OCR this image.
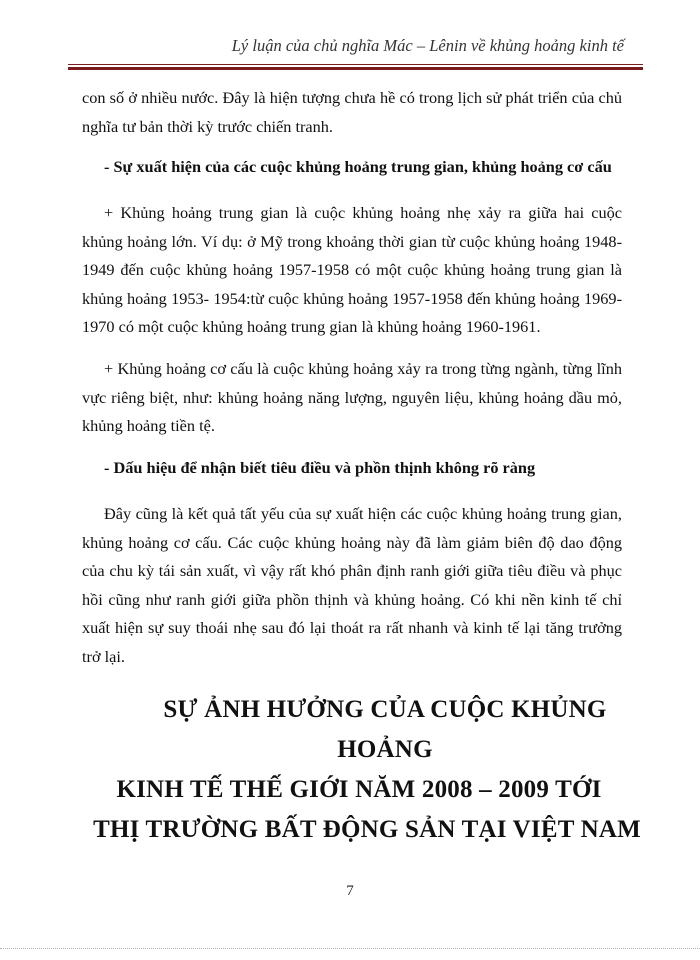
Lý luận của chủ nghĩa Mác – Lênin về khủng hoảng kinh tế

con số ở nhiều nước. Đây là hiện tượng chưa hề có trong lịch sử phát triển của chủ nghĩa tư bản thời kỳ trước chiến tranh.

- Sự xuất hiện của các cuộc khủng hoảng trung gian, khủng hoảng cơ cấu

+ Khủng hoảng trung gian là cuộc khủng hoảng nhẹ xảy ra giữa hai cuộc khủng hoảng lớn. Ví dụ: ở Mỹ trong khoảng thời gian từ cuộc khủng hoảng 1948-1949 đến cuộc khủng hoảng 1957-1958 có một cuộc khủng hoảng trung gian là khủng hoảng 1953- 1954:từ cuộc khủng hoảng 1957-1958 đến khủng hoảng 1969-1970 có một cuộc khủng hoảng trung gian là khủng hoảng 1960-1961.

+ Khủng hoảng cơ cấu là cuộc khủng hoảng xảy ra trong từng ngành, từng lĩnh vực riêng biệt, như: khủng hoảng năng lượng, nguyên liệu, khủng hoảng dầu mỏ, khủng hoảng tiền tệ.

- Dấu hiệu để nhận biết tiêu điều và phồn thịnh không rõ ràng

Đây cũng là kết quả tất yếu của sự xuất hiện các cuộc khủng hoảng trung gian, khủng hoảng cơ cấu. Các cuộc khủng hoảng này đã làm giảm biên độ dao động của chu kỳ tái sản xuất, vì vậy rất khó phân định ranh giới giữa tiêu điều và phục hồi cũng như ranh giới giữa phồn thịnh và khủng hoảng. Có khi nền kinh tế chỉ xuất hiện sự suy thoái nhẹ sau đó lại thoát ra rất nhanh và kinh tế lại tăng trưởng trở lại.

SỰ ẢNH HƯỞNG CỦA CUỘC KHỦNG HOẢNG
KINH TẾ THẾ GIỚI NĂM 2008 – 2009 TỚI
THỊ TRƯỜNG BẤT ĐỘNG SẢN TẠI VIỆT NAM
7
